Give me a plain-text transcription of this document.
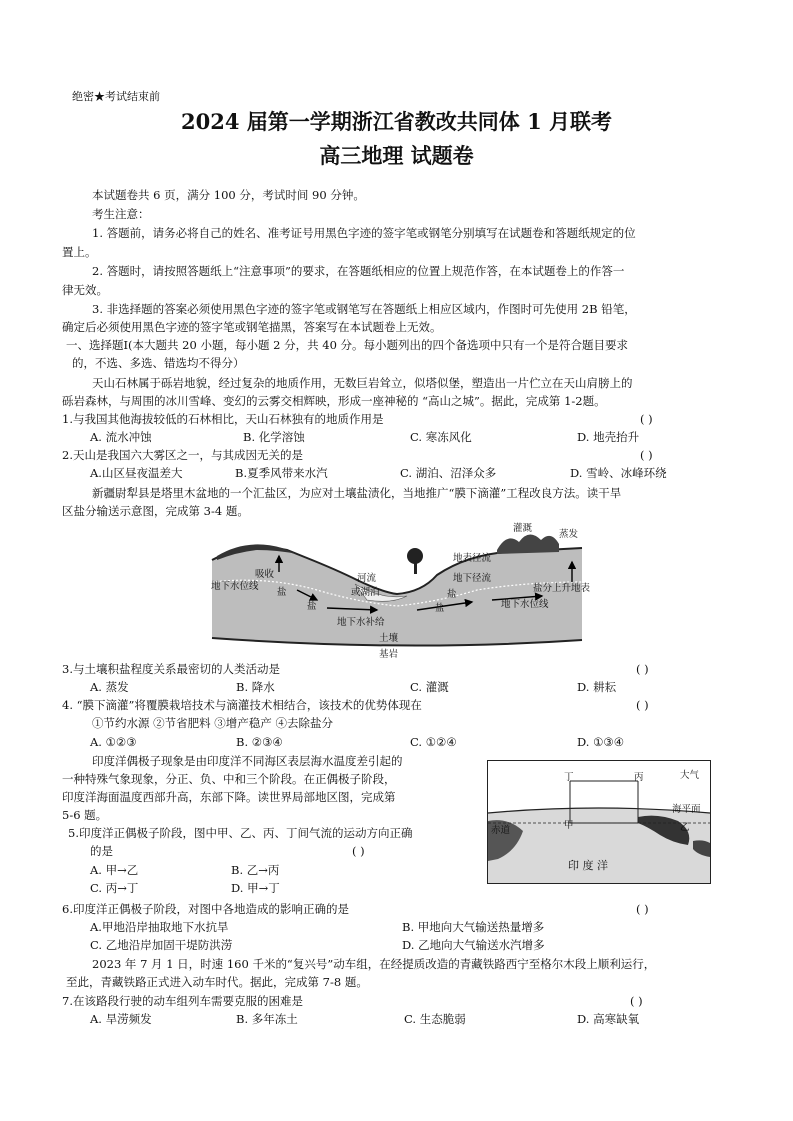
绝密★考试结束前
2024 届第一学期浙江省教改共同体 1 月联考
高三地理 试题卷
本试题卷共 6 页，满分 100 分，考试时间 90 分钟。
考生注意：
1. 答题前，请务必将自己的姓名、准考证号用黑色字迹的签字笔或钢笔分别填写在试题卷和答题纸规定的位
置上。
2. 答题时，请按照答题纸上“注意事项”的要求，在答题纸相应的位置上规范作答，在本试题卷上的作答一
律无效。
3. 非选择题的答案必须使用黑色字迹的签字笔或钢笔写在答题纸上相应区域内，作图时可先使用 2B 铅笔，
确定后必须使用黑色字迹的签字笔或钢笔描黑，答案写在本试题卷上无效。
一、选择题Ⅰ(本大题共 20 小题，每小题 2 分，共 40 分。每小题列出的四个备选项中只有一个是符合题目要求
的，不选、多选、错选均不得分）
天山石林属于砾岩地貌，经过复杂的地质作用，无数巨岩耸立，似塔似堡，塑造出一片伫立在天山肩膀上的
砾岩森林，与周围的冰川雪峰、变幻的云雾交相辉映，形成一座神秘的 “高山之城”。据此，完成第 1-2题。
1.与我国其他海拔较低的石林相比，天山石林独有的地质作用是	( )
A. 流水冲蚀	B. 化学溶蚀	C. 寒冻风化	D. 地壳抬升
2.天山是我国六大雾区之一，与其成因无关的是	( )
A.山区昼夜温差大	B.夏季风带来水汽	C. 湖泊、沼泽众多	D. 雪岭、冰峰环绕
新疆尉犁县是塔里木盆地的一个汇盐区，为应对土壤盐渍化，当地推广“膜下滴灌”工程改良方法。读干旱
区盐分输送示意图，完成第 3-4 题。
灌溉
蒸发
吸收
地下水位线
盐
河流
或湖泊
地表径流
地下径流
盐分上升地表
盐
盐	盐
地下水补给
地下水位线
土壤
基岩
3.与土壤积盐程度关系最密切的人类活动是	( )
A. 蒸发	B. 降水	C. 灌溉	D. 耕耘
4. “膜下滴灌”将覆膜栽培技术与滴灌技术相结合，该技术的优势体现在	( )
①节约水源 ②节省肥料 ③增产稳产 ④去除盐分
A. ①②③	B. ②③④	C. ①②④	D. ①③④
印度洋偶极子现象是由印度洋不同海区表层海水温度差引起的
一种特殊气象现象，分正、负、中和三个阶段。在正偶极子阶段，
印度洋海面温度西部升高，东部下降。读世界局部地区图，完成第
5-6 题。
大气
丁	丙
海平面
甲	乙
印 度 洋
赤道
5.印度洋正偶极子阶段，图中甲、乙、丙、丁间气流的运动方向正确
的是	( )
A. 甲→乙	B. 乙→丙
C. 丙→丁	D. 甲→丁
6.印度洋正偶极子阶段，对图中各地造成的影响正确的是	( )
A.甲地沿岸抽取地下水抗旱	B. 甲地向大气输送热量增多
C. 乙地沿岸加固干堤防洪涝	D. 乙地向大气输送水汽增多
2023 年 7 月 1 日，时速 160 千米的“复兴号”动车组，在经提质改造的青藏铁路西宁至格尔木段上顺利运行，
至此，青藏铁路正式进入动车时代。据此，完成第 7-8 题。
7.在该路段行驶的动车组列车需要克服的困难是	( )
A. 旱涝频发	B. 多年冻土	C. 生态脆弱	D. 高寒缺氧
